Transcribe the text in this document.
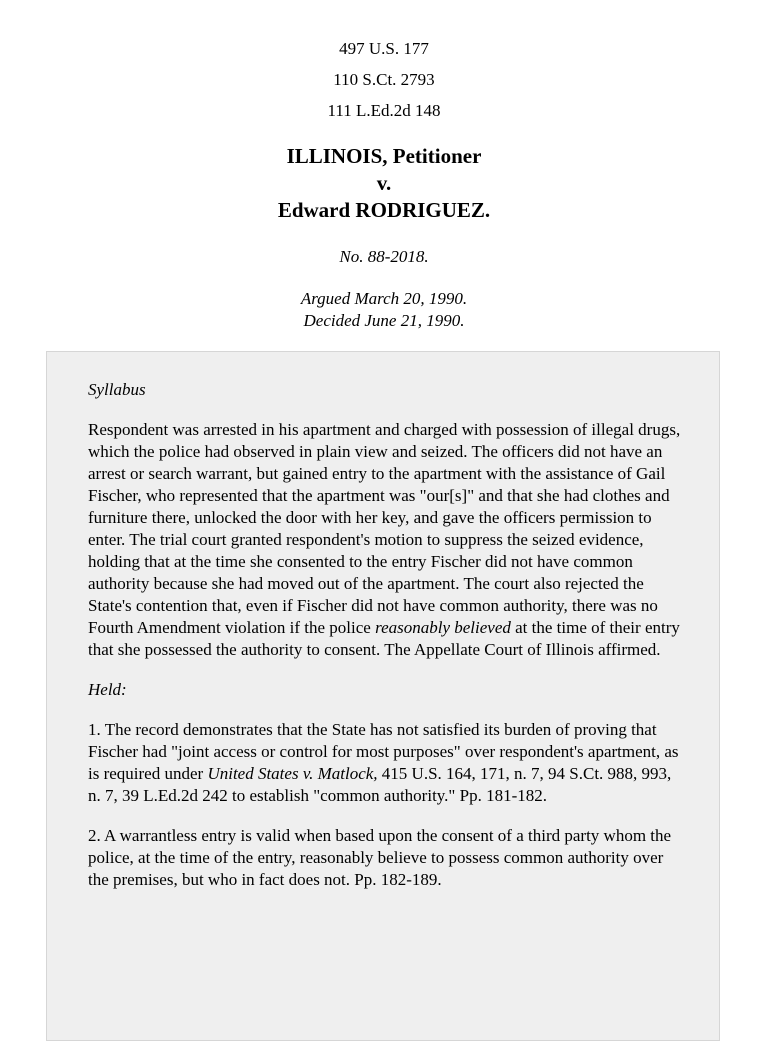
497 U.S. 177
110 S.Ct. 2793
111 L.Ed.2d 148
ILLINOIS, Petitioner
v.
Edward RODRIGUEZ.
No. 88-2018.
Argued March 20, 1990.
Decided June 21, 1990.

Syllabus

Respondent was arrested in his apartment and charged with possession of illegal drugs, which the police had observed in plain view and seized. The officers did not have an arrest or search warrant, but gained entry to the apartment with the assistance of Gail Fischer, who represented that the apartment was "our[s]" and that she had clothes and furniture there, unlocked the door with her key, and gave the officers permission to enter. The trial court granted respondent's motion to suppress the seized evidence, holding that at the time she consented to the entry Fischer did not have common authority because she had moved out of the apartment. The court also rejected the State's contention that, even if Fischer did not have common authority, there was no Fourth Amendment violation if the police reasonably believed at the time of their entry that she possessed the authority to consent. The Appellate Court of Illinois affirmed.

Held:

1. The record demonstrates that the State has not satisfied its burden of proving that Fischer had "joint access or control for most purposes" over respondent's apartment, as is required under United States v. Matlock, 415 U.S. 164, 171, n. 7, 94 S.Ct. 988, 993, n. 7, 39 L.Ed.2d 242 to establish "common authority." Pp. 181-182.

2. A warrantless entry is valid when based upon the consent of a third party whom the police, at the time of the entry, reasonably believe to possess common authority over the premises, but who in fact does not. Pp. 182-189.
